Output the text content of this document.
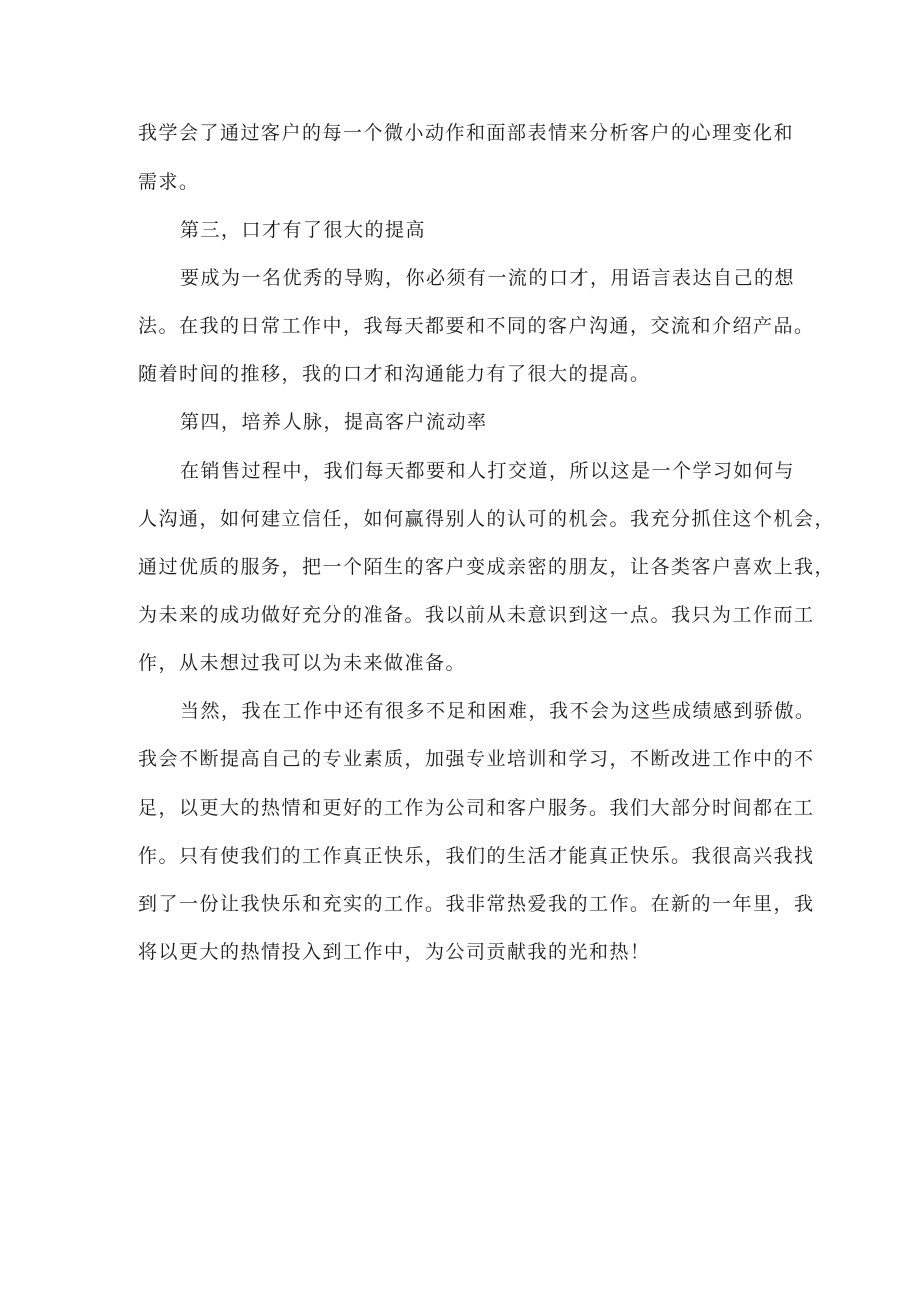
我学会了通过客户的每一个微小动作和面部表情来分析客户的心理变化和
需求。
第三，口才有了很大的提高
要成为一名优秀的导购，你必须有一流的口才，用语言表达自己的想
法。在我的日常工作中，我每天都要和不同的客户沟通，交流和介绍产品。
随着时间的推移，我的口才和沟通能力有了很大的提高。
第四，培养人脉，提高客户流动率
在销售过程中，我们每天都要和人打交道，所以这是一个学习如何与
人沟通，如何建立信任，如何赢得别人的认可的机会。我充分抓住这个机会，
通过优质的服务，把一个陌生的客户变成亲密的朋友，让各类客户喜欢上我，
为未来的成功做好充分的准备。我以前从未意识到这一点。我只为工作而工
作，从未想过我可以为未来做准备。
当然，我在工作中还有很多不足和困难，我不会为这些成绩感到骄傲。
我会不断提高自己的专业素质，加强专业培训和学习，不断改进工作中的不
足，以更大的热情和更好的工作为公司和客户服务。我们大部分时间都在工
作。只有使我们的工作真正快乐，我们的生活才能真正快乐。我很高兴我找
到了一份让我快乐和充实的工作。我非常热爱我的工作。在新的一年里，我
将以更大的热情投入到工作中，为公司贡献我的光和热！
